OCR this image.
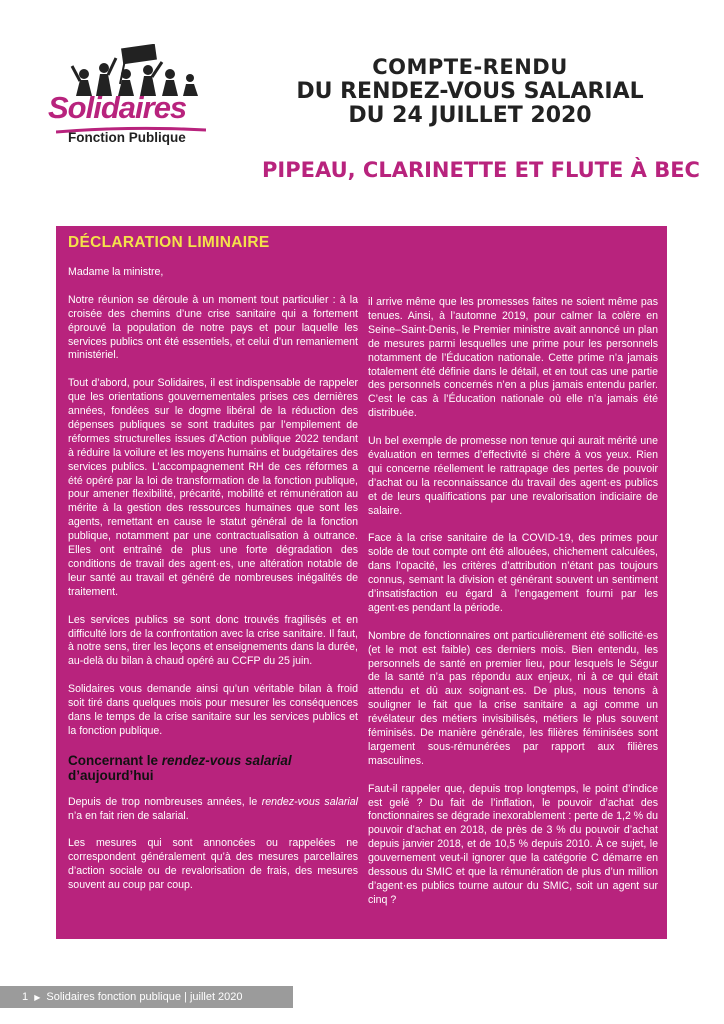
Solidaires
Fonction Publique
COMPTE-RENDU
DU RENDEZ-VOUS SALARIAL
DU 24 JUILLET 2020
PIPEAU, CLARINETTE ET FLUTE À BEC
DÉCLARATION LIMINAIRE

Madame la ministre,

Notre réunion se déroule à un moment tout particulier : à la croisée des chemins d’une crise sanitaire qui a fortement éprouvé la population de notre pays et pour laquelle les services publics ont été essentiels, et celui d’un remaniement ministériel.

Tout d’abord, pour Solidaires, il est indispensable de rappeler que les orientations gouvernementales prises ces dernières années, fondées sur le dogme libéral de la réduction des dépenses publiques se sont traduites par l’empilement de réformes structurelles issues d’Action publique 2022 tendant à réduire la voilure et les moyens humains et budgétaires des services publics. L’accompagnement RH de ces réformes a été opéré par la loi de transformation de la fonction publique, pour amener flexibilité, précarité, mobilité et rémunération au mérite à la gestion des ressources humaines que sont les agents, remettant en cause le statut général de la fonction publique, notamment par une contractualisation à outrance. Elles ont entraîné de plus une forte dégradation des conditions de travail des agent·es, une altération notable de leur santé au travail et généré de nombreuses inégalités de traitement.

Les services publics se sont donc trouvés fragilisés et en difficulté lors de la confrontation avec la crise sanitaire. Il faut, à notre sens, tirer les leçons et enseignements dans la durée, au-delà du bilan à chaud opéré au CCFP du 25 juin.

Solidaires vous demande ainsi qu’un véritable bilan à froid soit tiré dans quelques mois pour mesurer les conséquences dans le temps de la crise sanitaire sur les services publics et la fonction publique.

Concernant le rendez-vous salarial d’aujourd’hui

Depuis de trop nombreuses années, le rendez-vous salarial n’a en fait rien de salarial.

Les mesures qui sont annoncées ou rappelées ne correspondent généralement qu’à des mesures parcellaires d’action sociale ou de revalorisation de frais, des mesures souvent au coup par coup.

il arrive même que les promesses faites ne soient même pas tenues. Ainsi, à l’automne 2019, pour calmer la colère en Seine–Saint-Denis, le Premier ministre avait annoncé un plan de mesures parmi lesquelles une prime pour les personnels notamment de l’Éducation nationale. Cette prime n’a jamais totalement été définie dans le détail, et en tout cas une partie des personnels concernés n’en a plus jamais entendu parler. C’est le cas à l’Éducation nationale où elle n’a jamais été distribuée.

Un bel exemple de promesse non tenue qui aurait mérité une évaluation en termes d’effectivité si chère à vos yeux. Rien qui concerne réellement le rattrapage des pertes de pouvoir d’achat ou la reconnaissance du travail des agent·es publics et de leurs qualifications par une revalorisation indiciaire de salaire.

Face à la crise sanitaire de la COVID-19, des primes pour solde de tout compte ont été allouées, chichement calculées, dans l’opacité, les critères d’attribution n’étant pas toujours connus, semant la division et générant souvent un sentiment d’insatisfaction eu égard à l’engagement fourni par les agent·es pendant la période.

Nombre de fonctionnaires ont particulièrement été sollicité·es (et le mot est faible) ces derniers mois. Bien entendu, les personnels de santé en premier lieu, pour lesquels le Ségur de la santé n’a pas répondu aux enjeux, ni à ce qui était attendu et dû aux soignant·es. De plus, nous tenons à souligner le fait que la crise sanitaire a agi comme un révélateur des métiers invisibilisés, métiers le plus souvent féminisés. De manière générale, les filières féminisées sont largement sous-rémunérées par rapport aux filières masculines.

Faut-il rappeler que, depuis trop longtemps, le point d’indice est gelé ? Du fait de l’inflation, le pouvoir d’achat des fonctionnaires se dégrade inexorablement : perte de 1,2 % du pouvoir d’achat en 2018, de près de 3 % du pouvoir d’achat depuis janvier 2018, et de 10,5 % depuis 2010. À ce sujet, le gouvernement veut-il ignorer que la catégorie C démarre en dessous du SMIC et que la rémunération de plus d’un million d’agent·es publics tourne autour du SMIC, soit un agent sur cinq ?

1 ▶ Solidaires fonction publique | juillet 2020
